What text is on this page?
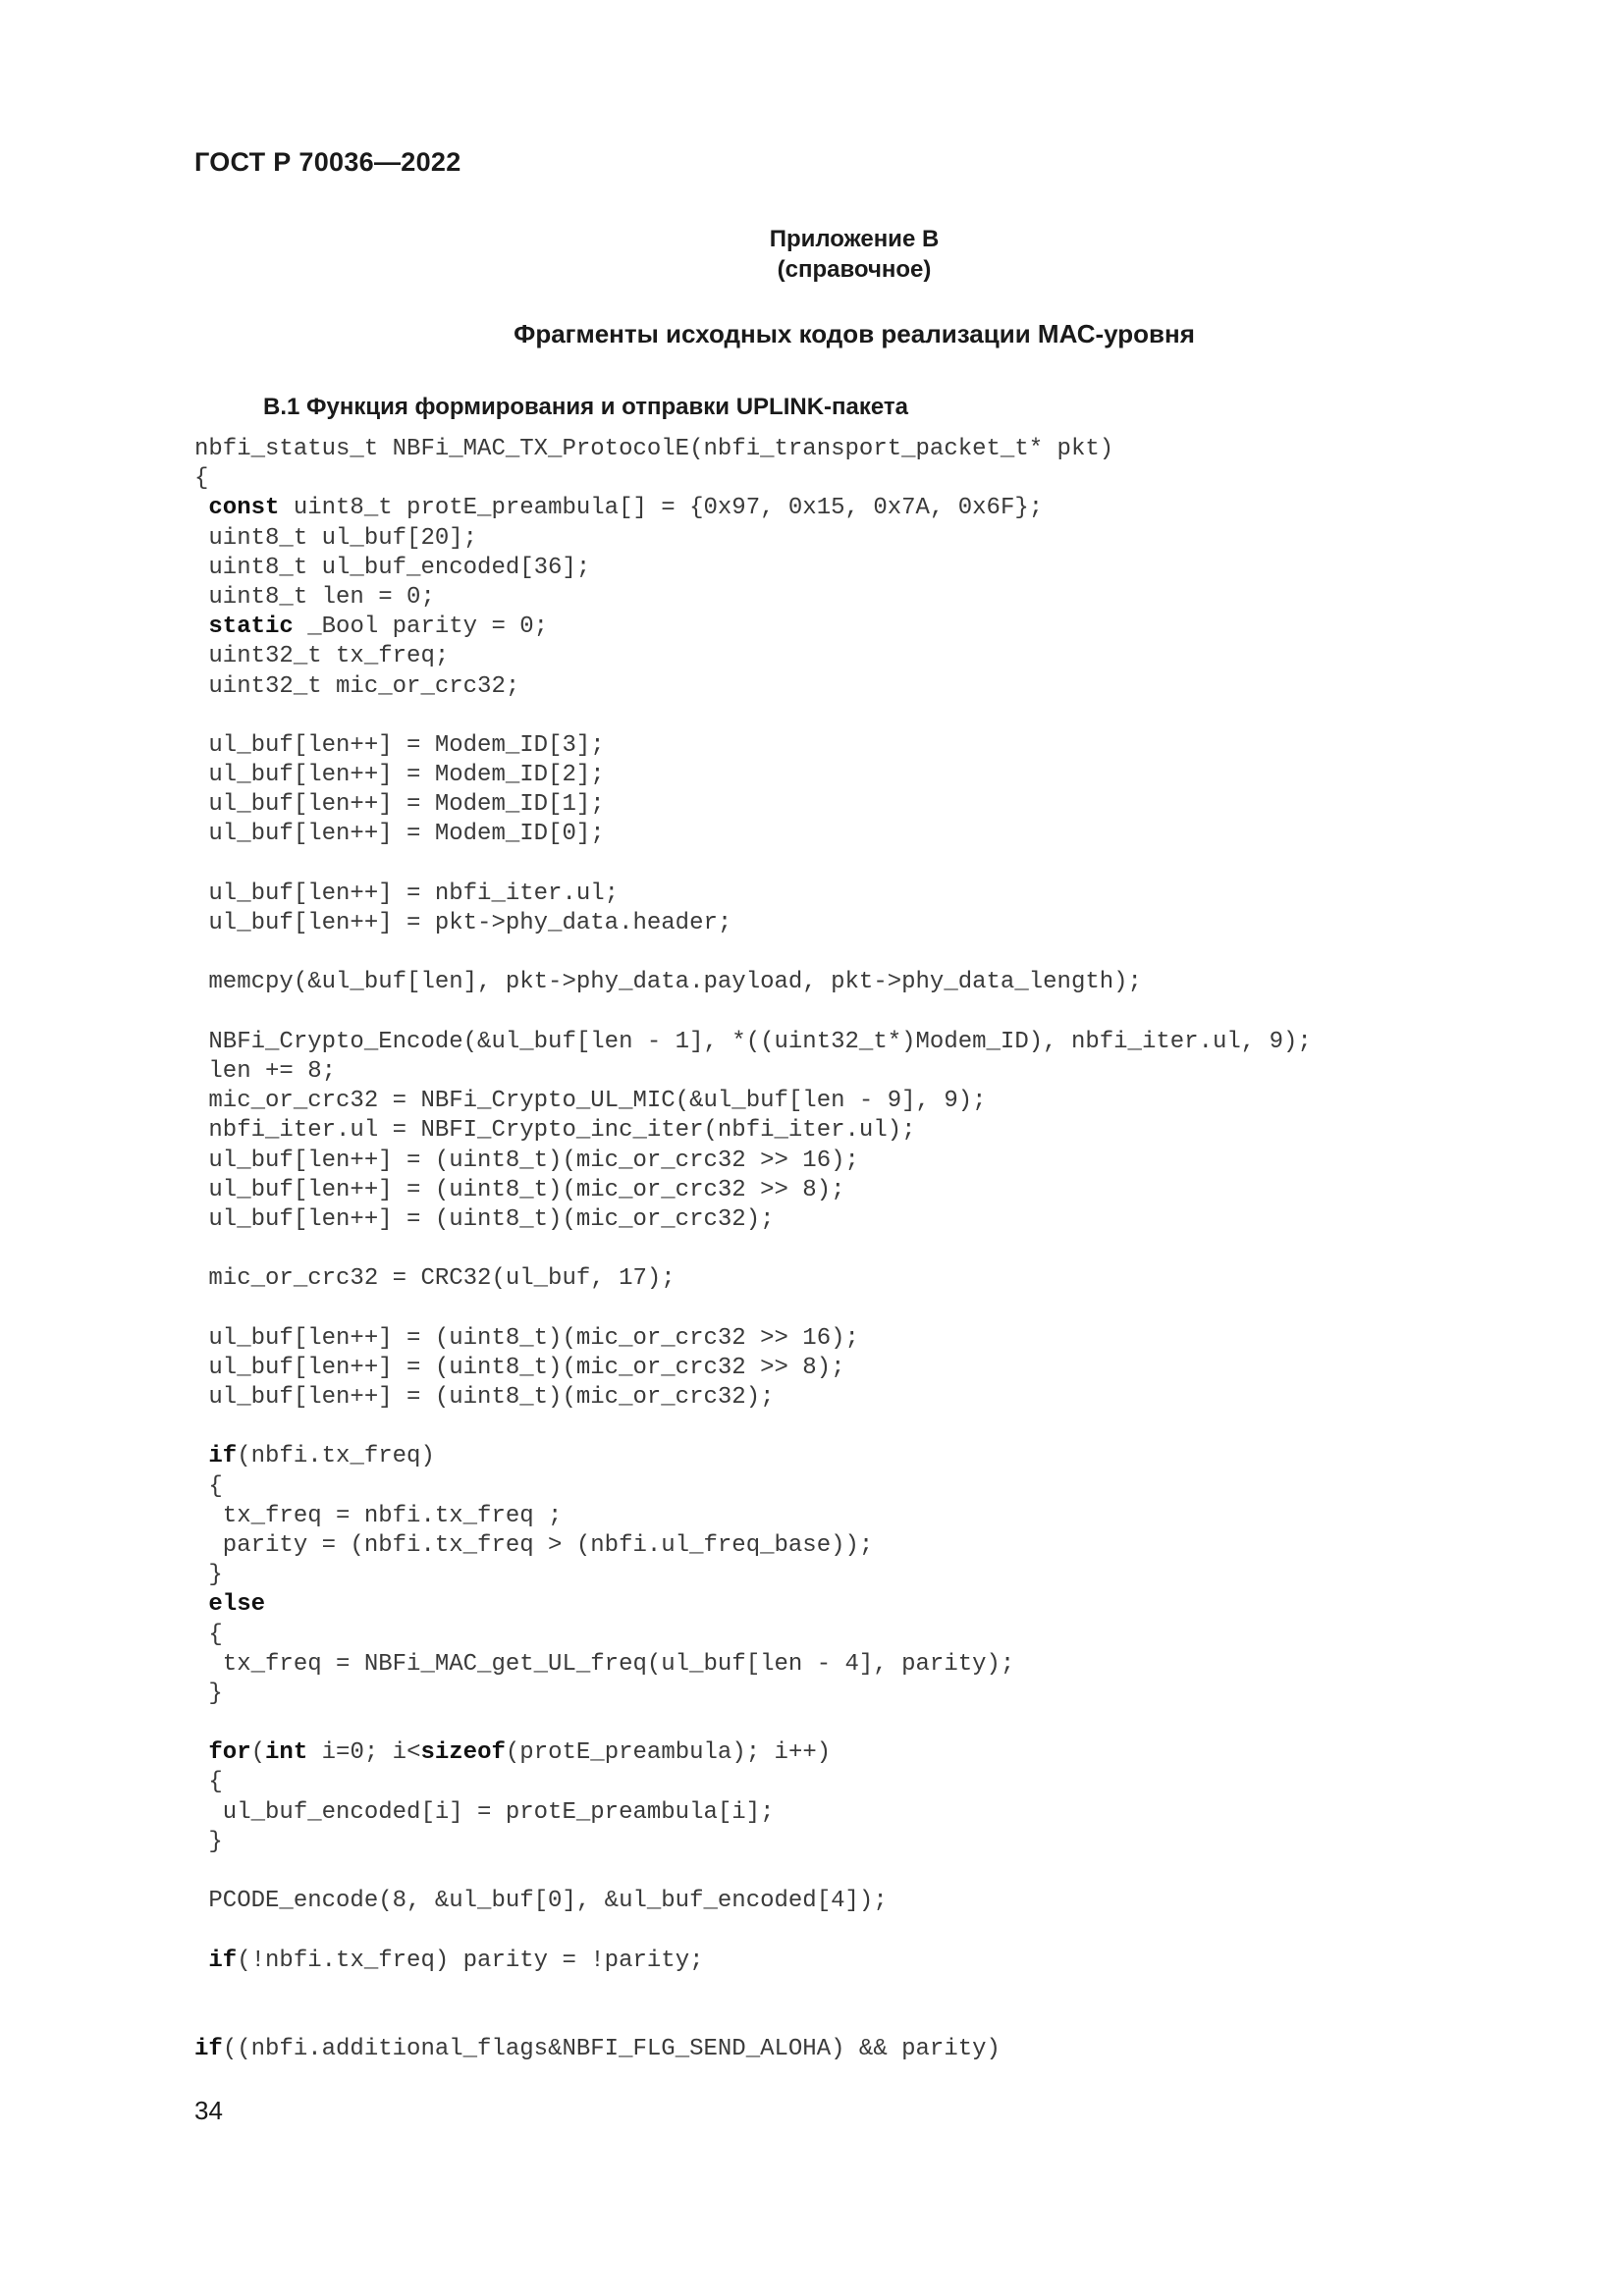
ГОСТ Р 70036—2022
Приложение В
(справочное)
Фрагменты исходных кодов реализации МАС-уровня
В.1 Функция формирования и отправки UPLINK-пакета
nbfi_status_t NBFi_MAC_TX_ProtocolE(nbfi_transport_packet_t* pkt)
{
const uint8_t protE_preambula[] = {0x97, 0x15, 0x7A, 0x6F};
uint8_t ul_buf[20];
uint8_t ul_buf_encoded[36];
uint8_t len = 0;
static _Bool parity = 0;
uint32_t tx_freq;
uint32_t mic_or_crc32;
ul_buf[len++] = Modem_ID[3];
ul_buf[len++] = Modem_ID[2];
ul_buf[len++] = Modem_ID[1];
ul_buf[len++] = Modem_ID[0];
ul_buf[len++] = nbfi_iter.ul;
ul_buf[len++] = pkt->phy_data.header;
memcpy(&ul_buf[len], pkt->phy_data.payload, pkt->phy_data_length);
NBFi_Crypto_Encode(&ul_buf[len - 1], *((uint32_t*)Modem_ID), nbfi_iter.ul, 9);
len += 8;
mic_or_crc32 = NBFi_Crypto_UL_MIC(&ul_buf[len - 9], 9);
nbfi_iter.ul = NBFI_Crypto_inc_iter(nbfi_iter.ul);
ul_buf[len++] = (uint8_t)(mic_or_crc32 >> 16);
ul_buf[len++] = (uint8_t)(mic_or_crc32 >> 8);
ul_buf[len++] = (uint8_t)(mic_or_crc32);
mic_or_crc32 = CRC32(ul_buf, 17);
ul_buf[len++] = (uint8_t)(mic_or_crc32 >> 16);
ul_buf[len++] = (uint8_t)(mic_or_crc32 >> 8);
ul_buf[len++] = (uint8_t)(mic_or_crc32);
if(nbfi.tx_freq)
{
tx_freq = nbfi.tx_freq ;
parity = (nbfi.tx_freq > (nbfi.ul_freq_base));
}
else
{
tx_freq = NBFi_MAC_get_UL_freq(ul_buf[len - 4], parity);
}
for(int i=0; i<sizeof(protE_preambula); i++)
{
ul_buf_encoded[i] = protE_preambula[i];
}
PCODE_encode(8, &ul_buf[0], &ul_buf_encoded[4]);
if(!nbfi.tx_freq) parity = !parity;
if((nbfi.additional_flags&NBFI_FLG_SEND_ALOHA) && parity)
34
